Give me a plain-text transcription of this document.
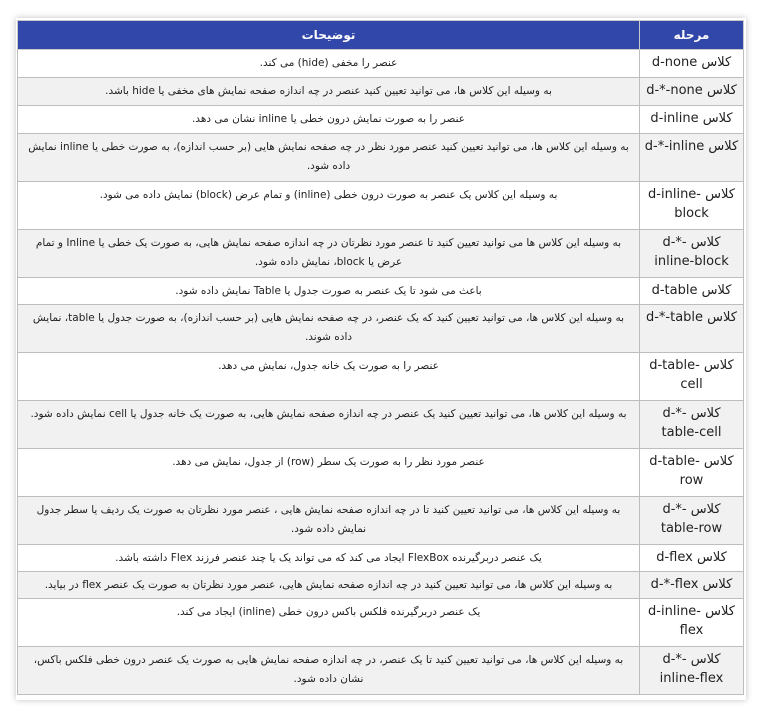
مرحله	توضیحات
کلاس d-none	عنصر را مخفی (hide) می کند.
کلاس d-*-none	به وسیله این کلاس ها، می توانید تعیین کنید عنصر در چه اندازه صفحه نمایش های مخفی یا hide باشد.
کلاس d-inline	عنصر را به صورت نمایش درون خطی یا inline نشان می دهد.
کلاس d-*-inline	به وسیله این کلاس ها، می توانید تعیین کنید عنصر مورد نظر در چه صفحه نمایش هایی (بر حسب اندازه)، به صورت خطی یا inline نمایش داده شود.
کلاس d-inline-block	به وسیله این کلاس یک عنصر به صورت درون خطی (inline) و تمام عرض (block) نمایش داده می شود.
کلاس d-*-inline-block	به وسیله این کلاس ها می توانید تعیین کنید تا عنصر مورد نظرتان در چه اندازه صفحه نمایش هایی، به صورت یک خطی یا Inline و تمام عرض یا block، نمایش داده شود.
کلاس d-table	باعث می شود تا یک عنصر به صورت جدول یا Table نمایش داده شود.
کلاس d-*-table	به وسیله این کلاس ها، می توانید تعیین کنید که یک عنصر، در چه صفحه نمایش هایی (بر حسب اندازه)، به صورت جدول یا table، نمایش داده شوند.
کلاس d-table-cell	عنصر را به صورت یک خانه جدول، نمایش می دهد.
کلاس d-*-table-cell	به وسیله این کلاس ها، می توانید تعیین کنید یک عنصر در چه اندازه صفحه نمایش هایی، به صورت یک خانه جدول یا cell نمایش داده شود.
کلاس d-table-row	عنصر مورد نظر را به صورت یک سطر (row) از جدول، نمایش می دهد.
کلاس d-*-table-row	به وسیله این کلاس ها، می توانید تعیین کنید تا در چه اندازه صفحه نمایش هایی ، عنصر مورد نظرتان به صورت یک ردیف یا سطر جدول نمایش داده شود.
کلاس d-flex	یک عنصر دربرگیرنده FlexBox ایجاد می کند که می تواند یک یا چند عنصر فرزند Flex داشته باشد.
کلاس d-*-flex	به وسیله این کلاس ها، می توانید تعیین کنید در چه اندازه صفحه نمایش هایی، عنصر مورد نظرتان به صورت یک عنصر flex در بیاید.
کلاس d-inline-flex	یک عنصر دربرگیرنده فلکس باکس درون خطی (inline) ایجاد می کند.
کلاس d-*-inline-flex	به وسیله این کلاس ها، می توانید تعیین کنید تا یک عنصر، در چه اندازه صفحه نمایش هایی به صورت یک عنصر درون خطی فلکس باکس، نشان داده شود.
